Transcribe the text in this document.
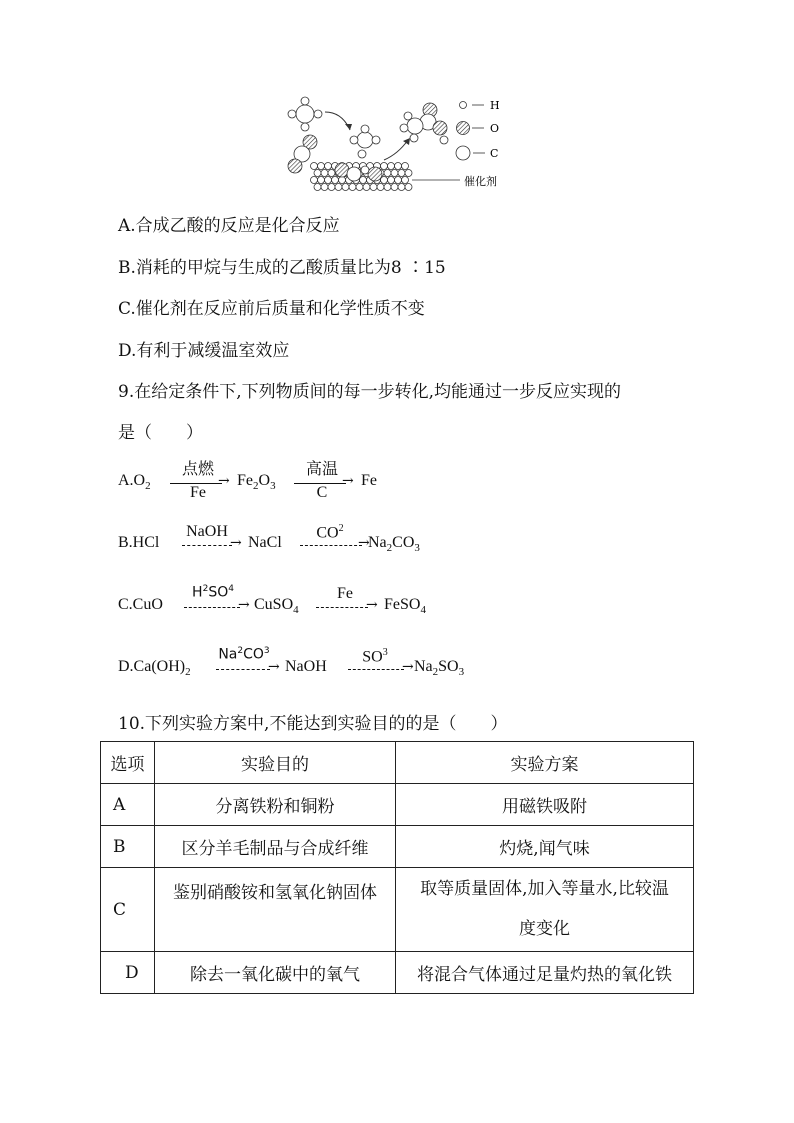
H
O
C
催化剂
A.合成乙酸的反应是化合反应
B.消耗的甲烷与生成的乙酸质量比为8 ∶15
C.催化剂在反应前后质量和化学性质不变
D.有利于减缓温室效应
9.在给定条件下,下列物质间的每一步转化,均能通过一步反应实现的
是（　　）
$A.O_2$
点燃
→
Fe
$Fe_2O_3$
高温
→
C
Fe
B.HCl
NaOH
→ NaCl
$CO^2$
→
$Na_2CO_3$
C.CuO
$H^2SO^4$
→ CuSO$_4$
Fe
→ FeSO$_4$
$D.Ca(OH)_2$
$Na^2CO^3$
→ NaOH
$SO^3$
→ $Na_2SO_3$
10.下列实验方案中,不能达到实验目的的是（　　）
选项	实验目的	实验方案
A	分离铁粉和铜粉	用磁铁吸附
B	区分羊毛制品与合成纤维	灼烧,闻气味
C	鉴别硝酸铵和氢氧化钠固体	取等质量固体,加入等量水,比较温
度变化

D	除去一氧化碳中的氧气	将混合气体通过足量灼热的氧化铁
